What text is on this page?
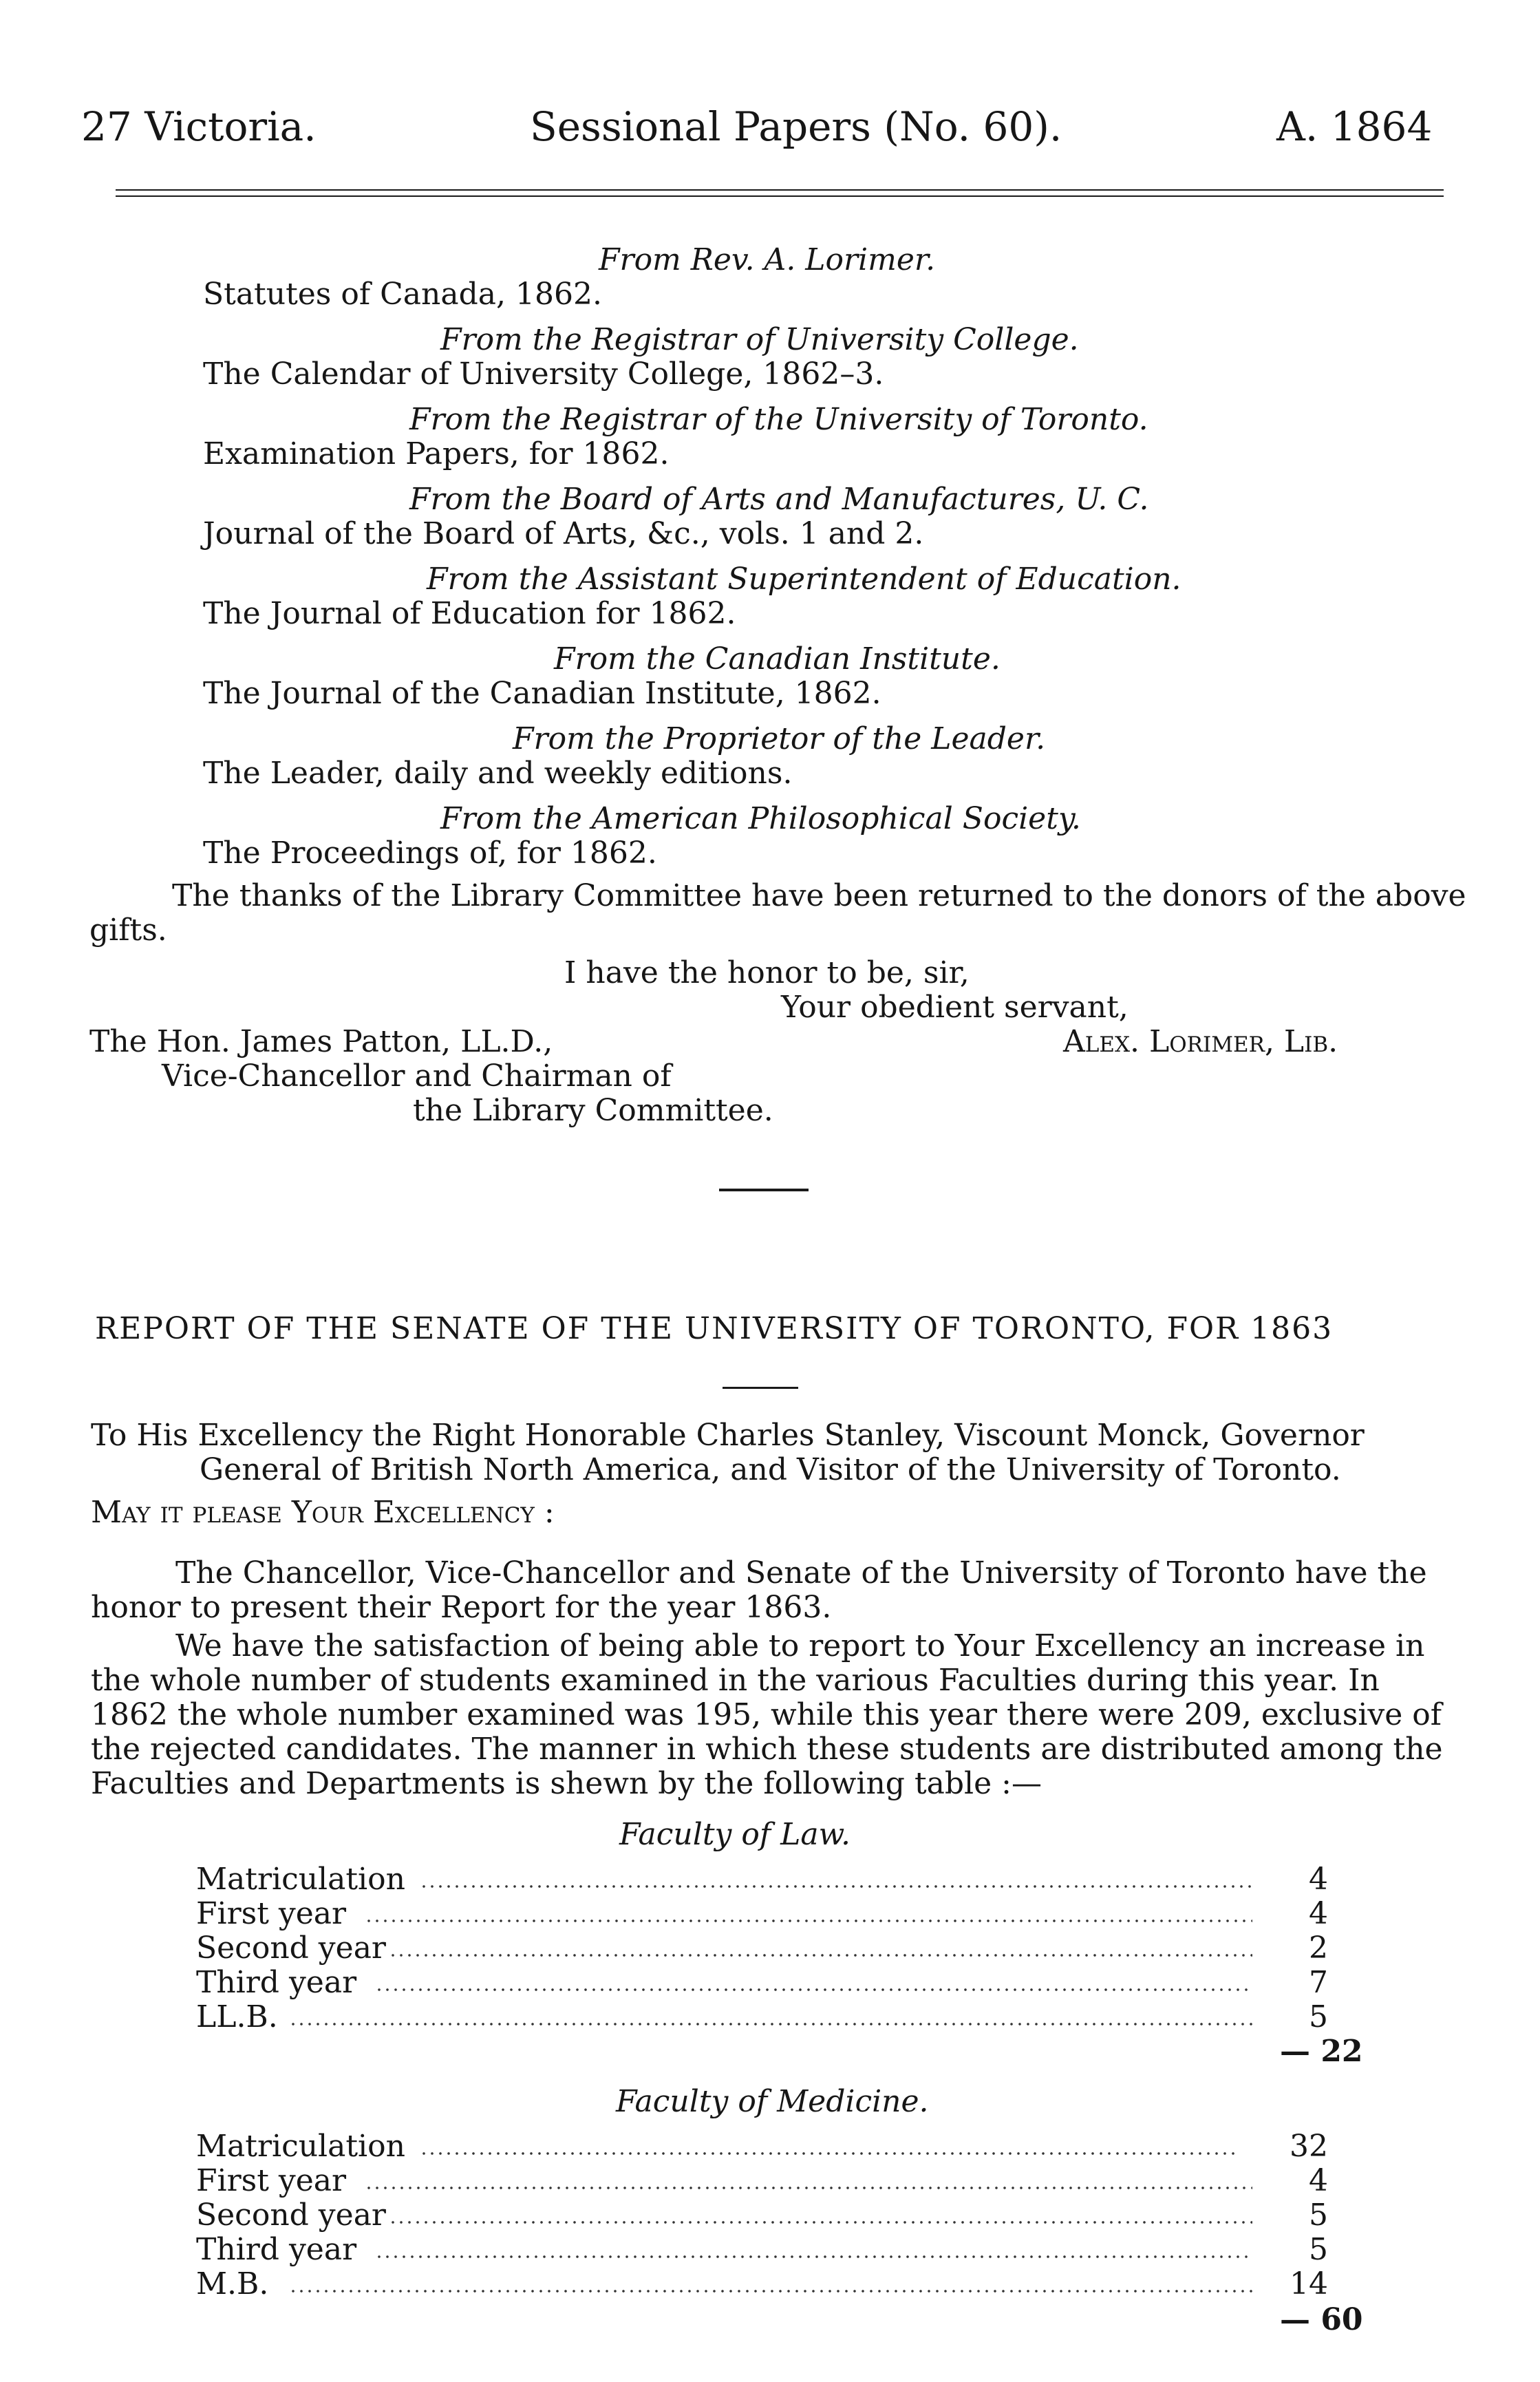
27 Victoria.	Sessional Papers (No. 60).	A. 1864
From Rev. A. Lorimer.
Statutes of Canada, 1862.
From the Registrar of University College.
The Calendar of University College, 1862–3.
From the Registrar of the University of Toronto.
Examination Papers, for 1862.
From the Board of Arts and Manufactures, U. C.
Journal of the Board of Arts, &c., vols. 1 and 2.
From the Assistant Superintendent of Education.
The Journal of Education for 1862.
From the Canadian Institute.
The Journal of the Canadian Institute, 1862.
From the Proprietor of the Leader.
The Leader, daily and weekly editions.
From the American Philosophical Society.
The Proceedings of, for 1862.
The thanks of the Library Committee have been returned to the donors of the above
gifts.
I have the honor to be, sir,
Your obedient servant,
The Hon. James Patton, LL.D.,	Alex. Lorimer, Lib.
Vice-Chancellor and Chairman of
the Library Committee.
REPORT OF THE SENATE OF THE UNIVERSITY OF TORONTO, FOR 1863
To His Excellency the Right Honorable Charles Stanley, Viscount Monck, Governor
General of British North America, and Visitor of the University of Toronto.
May it please Your Excellency :
The Chancellor, Vice-Chancellor and Senate of the University of Toronto have the
honor to present their Report for the year 1863.
We have the satisfaction of being able to report to Your Excellency an increase in
the whole number of students examined in the various Faculties during this year. In
1862 the whole number examined was 195, while this year there were 209, exclusive of
the rejected candidates. The manner in which these students are distributed among the
Faculties and Departments is shewn by the following table :—
Faculty of Law.
Matriculation	4
First year	4
Second year	2
Third year	7
LL.B.	5
— 22
Faculty of Medicine.
Matriculation	32
First year	4
Second year	5
Third year	5
M.B.	14
— 60
